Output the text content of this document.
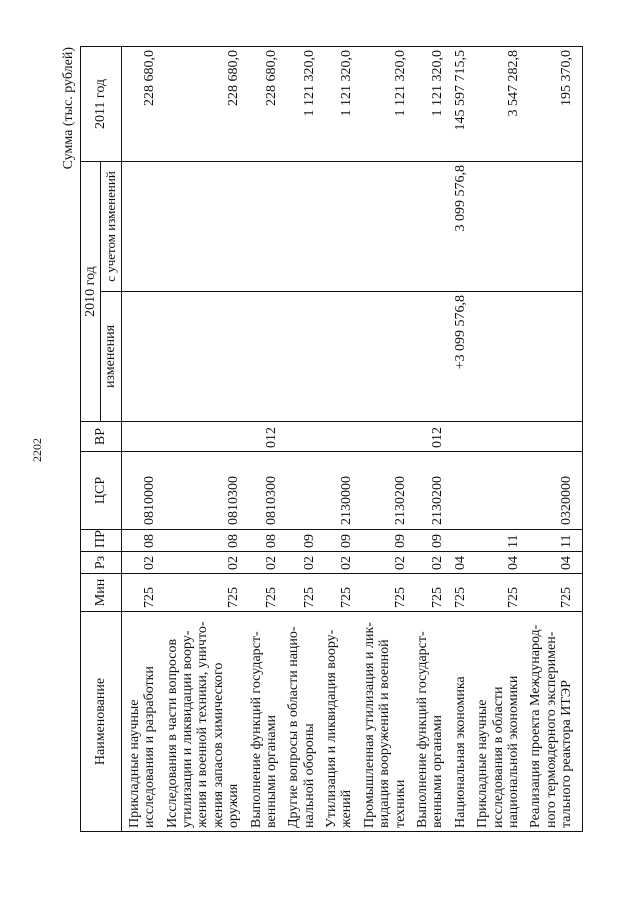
2202
Сумма (тыс. рублей)
Наименование	Мин	Рз	ПР	ЦСР	ВР	2010 год		2011 год
						изменения	с учетом изменений	
Прикладные научные исследования и разработки	725	02	08	0810000				228 680,0
Исследования в части вопросов утилизации и ликвидации воору-жения и военной техники, уничто-жения запасов химического оружия	725	02	08	0810300				228 680,0
Выполнение функций государст-венными органами	725	02	08	0810300	012			228 680,0
Другие вопросы в области нацио-нальной обороны	725	02	09					1 121 320,0
Утилизация и ликвидация воору-жений	725	02	09	2130000				1 121 320,0
Промышленная утилизация и лик-видация вооружений и военной техники	725	02	09	2130200				1 121 320,0
Выполнение функций государст-венными органами	725	02	09	2130200	012			1 121 320,0
Национальная экономика	725	04				+3 099 576,8	3 099 576,8	145 597 715,5
Прикладные научные исследования в области национальной экономики	725	04	11					3 547 282,8
Реализация проекта Международ-ного термоядерного эксперимен-тального реактора ИТЭР	725	04	11	0320000				195 370,0
